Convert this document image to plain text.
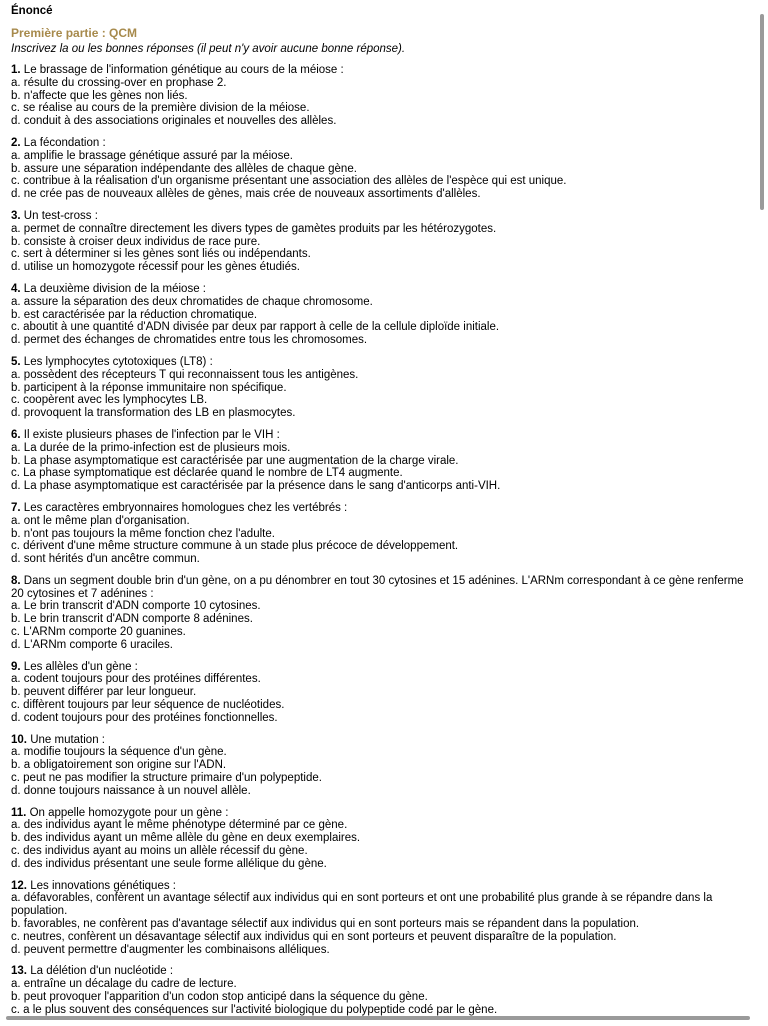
Énoncé
Première partie : QCM
Inscrivez la ou les bonnes réponses (il peut n'y avoir aucune bonne réponse).
1. Le brassage de l'information génétique au cours de la méiose :
a. résulte du crossing-over en prophase 2.
b. n'affecte que les gènes non liés.
c. se réalise au cours de la première division de la méiose.
d. conduit à des associations originales et nouvelles des allèles.
2. La fécondation :
a. amplifie le brassage génétique assuré par la méiose.
b. assure une séparation indépendante des allèles de chaque gène.
c. contribue à la réalisation d'un organisme présentant une association des allèles de l'espèce qui est unique.
d. ne crée pas de nouveaux allèles de gènes, mais crée de nouveaux assortiments d'allèles.
3. Un test-cross :
a. permet de connaître directement les divers types de gamètes produits par les hétérozygotes.
b. consiste à croiser deux individus de race pure.
c. sert à déterminer si les gènes sont liés ou indépendants.
d. utilise un homozygote récessif pour les gènes étudiés.
4. La deuxième division de la méiose :
a. assure la séparation des deux chromatides de chaque chromosome.
b. est caractérisée par la réduction chromatique.
c. aboutit à une quantité d'ADN divisée par deux par rapport à celle de la cellule diploïde initiale.
d. permet des échanges de chromatides entre tous les chromosomes.
5. Les lymphocytes cytotoxiques (LT8) :
a. possèdent des récepteurs T qui reconnaissent tous les antigènes.
b. participent à la réponse immunitaire non spécifique.
c. coopèrent avec les lymphocytes LB.
d. provoquent la transformation des LB en plasmocytes.
6. Il existe plusieurs phases de l'infection par le VIH :
a. La durée de la primo-infection est de plusieurs mois.
b. La phase asymptomatique est caractérisée par une augmentation de la charge virale.
c. La phase symptomatique est déclarée quand le nombre de LT4 augmente.
d. La phase asymptomatique est caractérisée par la présence dans le sang d'anticorps anti-VIH.
7. Les caractères embryonnaires homologues chez les vertébrés :
a. ont le même plan d'organisation.
b. n'ont pas toujours la même fonction chez l'adulte.
c. dérivent d'une même structure commune à un stade plus précoce de développement.
d. sont hérités d'un ancêtre commun.
8. Dans un segment double brin d'un gène, on a pu dénombrer en tout 30 cytosines et 15 adénines. L'ARNm correspondant à ce gène renferme 20 cytosines et 7 adénines :
a. Le brin transcrit d'ADN comporte 10 cytosines.
b. Le brin transcrit d'ADN comporte 8 adénines.
c. L'ARNm comporte 20 guanines.
d. L'ARNm comporte 6 uraciles.
9. Les allèles d'un gène :
a. codent toujours pour des protéines différentes.
b. peuvent différer par leur longueur.
c. diffèrent toujours par leur séquence de nucléotides.
d. codent toujours pour des protéines fonctionnelles.
10. Une mutation :
a. modifie toujours la séquence d'un gène.
b. a obligatoirement son origine sur l'ADN.
c. peut ne pas modifier la structure primaire d'un polypeptide.
d. donne toujours naissance à un nouvel allèle.
11. On appelle homozygote pour un gène :
a. des individus ayant le même phénotype déterminé par ce gène.
b. des individus ayant un même allèle du gène en deux exemplaires.
c. des individus ayant au moins un allèle récessif du gène.
d. des individus présentant une seule forme allélique du gène.
12. Les innovations génétiques :
a. défavorables, confèrent un avantage sélectif aux individus qui en sont porteurs et ont une probabilité plus grande à se répandre dans la population.
b. favorables, ne confèrent pas d'avantage sélectif aux individus qui en sont porteurs mais se répandent dans la population.
c. neutres, confèrent un désavantage sélectif aux individus qui en sont porteurs et peuvent disparaître de la population.
d. peuvent permettre d'augmenter les combinaisons alléliques.
13. La délétion d'un nucléotide :
a. entraîne un décalage du cadre de lecture.
b. peut provoquer l'apparition d'un codon stop anticipé dans la séquence du gène.
c. a le plus souvent des conséquences sur l'activité biologique du polypeptide codé par le gène.
